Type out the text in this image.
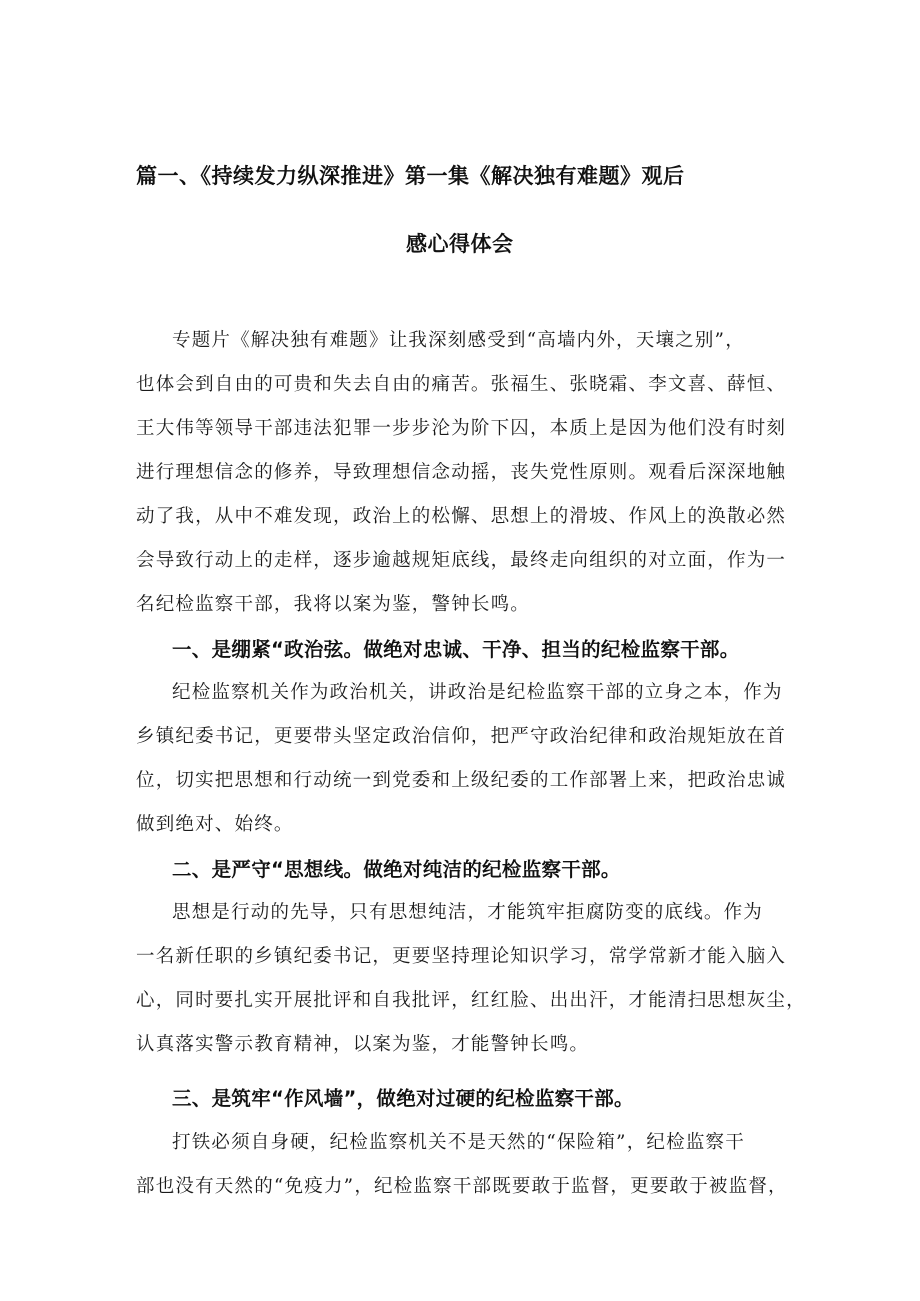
篇一、《持续发力纵深推进》第一集《解决独有难题》观后
感心得体会
专题片《解决独有难题》让我深刻感受到“高墙内外，天壤之别”，
也体会到自由的可贵和失去自由的痛苦。张福生、张晓霜、李文喜、薛恒、
王大伟等领导干部违法犯罪一步步沦为阶下囚，本质上是因为他们没有时刻
进行理想信念的修养，导致理想信念动摇，丧失党性原则。观看后深深地触
动了我，从中不难发现，政治上的松懈、思想上的滑坡、作风上的涣散必然
会导致行动上的走样，逐步逾越规矩底线，最终走向组织的对立面，作为一
名纪检监察干部，我将以案为鉴，警钟长鸣。
一、是绷紧“政治弦。做绝对忠诚、干净、担当的纪检监察干部。
纪检监察机关作为政治机关，讲政治是纪检监察干部的立身之本，作为
乡镇纪委书记，更要带头坚定政治信仰，把严守政治纪律和政治规矩放在首
位，切实把思想和行动统一到党委和上级纪委的工作部署上来，把政治忠诚
做到绝对、始终。
二、是严守“思想线。做绝对纯洁的纪检监察干部。
思想是行动的先导，只有思想纯洁，才能筑牢拒腐防变的底线。作为
一名新任职的乡镇纪委书记，更要坚持理论知识学习，常学常新才能入脑入
心，同时要扎实开展批评和自我批评，红红脸、出出汗，才能清扫思想灰尘，
认真落实警示教育精神，以案为鉴，才能警钟长鸣。
三、是筑牢“作风墙”，做绝对过硬的纪检监察干部。
打铁必须自身硬，纪检监察机关不是天然的“保险箱”，纪检监察干
部也没有天然的“免疫力”，纪检监察干部既要敢于监督，更要敢于被监督，
